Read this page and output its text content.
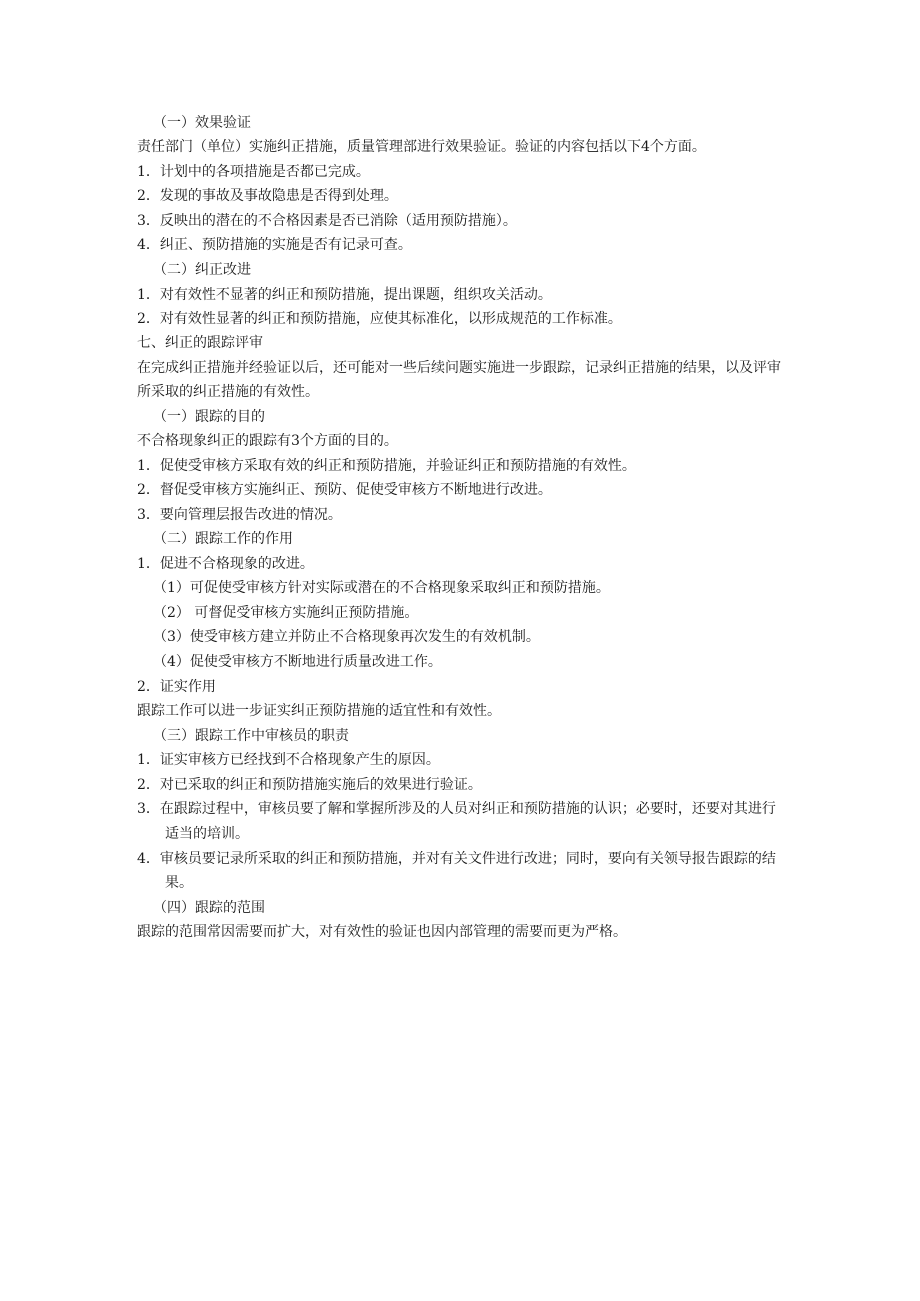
（一）效果验证
责任部门（单位）实施纠正措施，质量管理部进行效果验证。验证的内容包括以下4个方面。
1．计划中的各项措施是否都已完成。
2．发现的事故及事故隐患是否得到处理。
3．反映出的潜在的不合格因素是否已消除（适用预防措施）。
4．纠正、预防措施的实施是否有记录可查。
（二）纠正改进
1．对有效性不显著的纠正和预防措施，提出课题，组织攻关活动。
2．对有效性显著的纠正和预防措施，应使其标准化，以形成规范的工作标准。
七、纠正的跟踪评审
在完成纠正措施并经验证以后，还可能对一些后续问题实施进一步跟踪，记录纠正措施的结果，以及评审
所采取的纠正措施的有效性。
（一）跟踪的目的
不合格现象纠正的跟踪有3个方面的目的。
1．促使受审核方采取有效的纠正和预防措施，并验证纠正和预防措施的有效性。
2．督促受审核方实施纠正、预防、促使受审核方不断地进行改进。
3．要向管理层报告改进的情况。
（二）跟踪工作的作用
1．促进不合格现象的改进。
（1）可促使受审核方针对实际或潜在的不合格现象采取纠正和预防措施。
（2） 可督促受审核方实施纠正预防措施。
（3）使受审核方建立并防止不合格现象再次发生的有效机制。
（4）促使受审核方不断地进行质量改进工作。
2．证实作用
跟踪工作可以进一步证实纠正预防措施的适宜性和有效性。
（三）跟踪工作中审核员的职责
1．证实审核方已经找到不合格现象产生的原因。
2．对已采取的纠正和预防措施实施后的效果进行验证。
3．在跟踪过程中，审核员要了解和掌握所涉及的人员对纠正和预防措施的认识；必要时，还要对其进行
适当的培训。
4．审核员要记录所采取的纠正和预防措施，并对有关文件进行改进；同时，要向有关领导报告跟踪的结
果。
（四）跟踪的范围
跟踪的范围常因需要而扩大，对有效性的验证也因内部管理的需要而更为严格。
